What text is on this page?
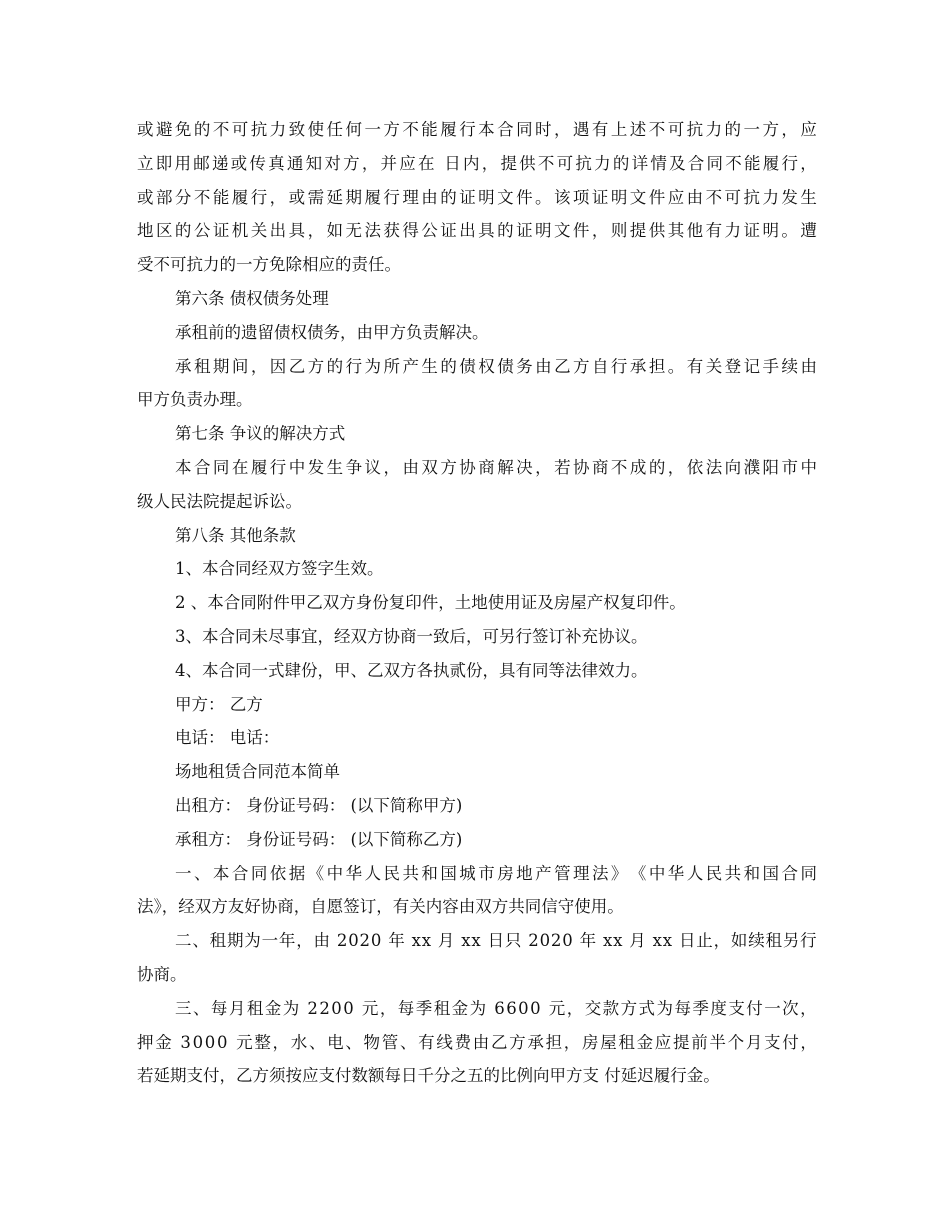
或 避 免 的 不 可 抗 力 致 使 任 何 一 方 不 能 履 行 本 合 同 时 ， 遇 有 上 述 不 可 抗 力 的 一 方 ， 应
立 即 用 邮 递 或 传 真 通 知 对 方 ， 并 应 在
日 内 ， 提 供 不 可 抗 力 的 详 情 及 合 同 不 能 履 行 ，
或 部 分 不 能 履 行 ， 或 需 延 期 履 行 理 由 的 证 明 文 件 。 该 项 证 明 文 件 应 由 不 可 抗 力 发 生
地 区 的 公 证 机 关 出 具 ， 如 无 法 获 得 公 证 出 具 的 证 明 文 件 ， 则 提 供 其 他 有 力 证 明 。 遭
受不可抗力的一方免除相应的责任。
第六条 债权债务处理
承租前的遗留债权债务，由甲方负责解决。
承 租 期 间 ， 因 乙 方 的 行 为 所 产 生 的 债 权 债 务 由 乙 方 自 行 承 担 。 有 关 登 记 手 续 由
甲方负责办理。
第七条 争议的解决方式
本 合 同 在 履 行 中 发 生 争 议 ， 由 双 方 协 商 解 决 ， 若 协 商 不 成 的 ， 依 法 向 濮 阳 市 中
级人民法院提起诉讼。
第八条 其他条款
1、本合同经双方签字生效。
2 、本合同附件甲乙双方身份复印件，土地使用证及房屋产权复印件。
3、本合同未尽事宜，经双方协商一致后，可另行签订补充协议。
4、本合同一式肆份，甲、乙双方各执贰份，具有同等法律效力。
甲方： 乙方
电话： 电话：
场地租赁合同范本简单
出租方： 身份证号码： (以下简称甲方)
承租方： 身份证号码： (以下简称乙方)
一 、 本 合 同 依 据 《 中 华 人 民 共 和 国 城 市 房 地 产 管 理 法 》 《 中 华 人 民 共 和 国 合 同
法》，经双方友好协商，自愿签订，有关内容由双方共同信守使用。
二 、 租 期 为 一 年 ， 由
2 0 2 0
年
x x
月
x x
日 只
2 0 2 0
年
x x
月
x x
日 止 ， 如 续 租 另 行
协商。
三 、 每 月 租 金 为
2 2 0 0
元 ， 每 季 租 金 为
6 6 0 0
元 ， 交 款 方 式 为 每 季 度 支 付 一 次 ，
押 金
3 0 0 0
元 整 ， 水 、 电 、 物 管 、 有 线 费 由 乙 方 承 担 ， 房 屋 租 金 应 提 前 半 个 月 支 付 ，
若延期支付，乙方须按应支付数额每日千分之五的比例向甲方支 付延迟履行金。
